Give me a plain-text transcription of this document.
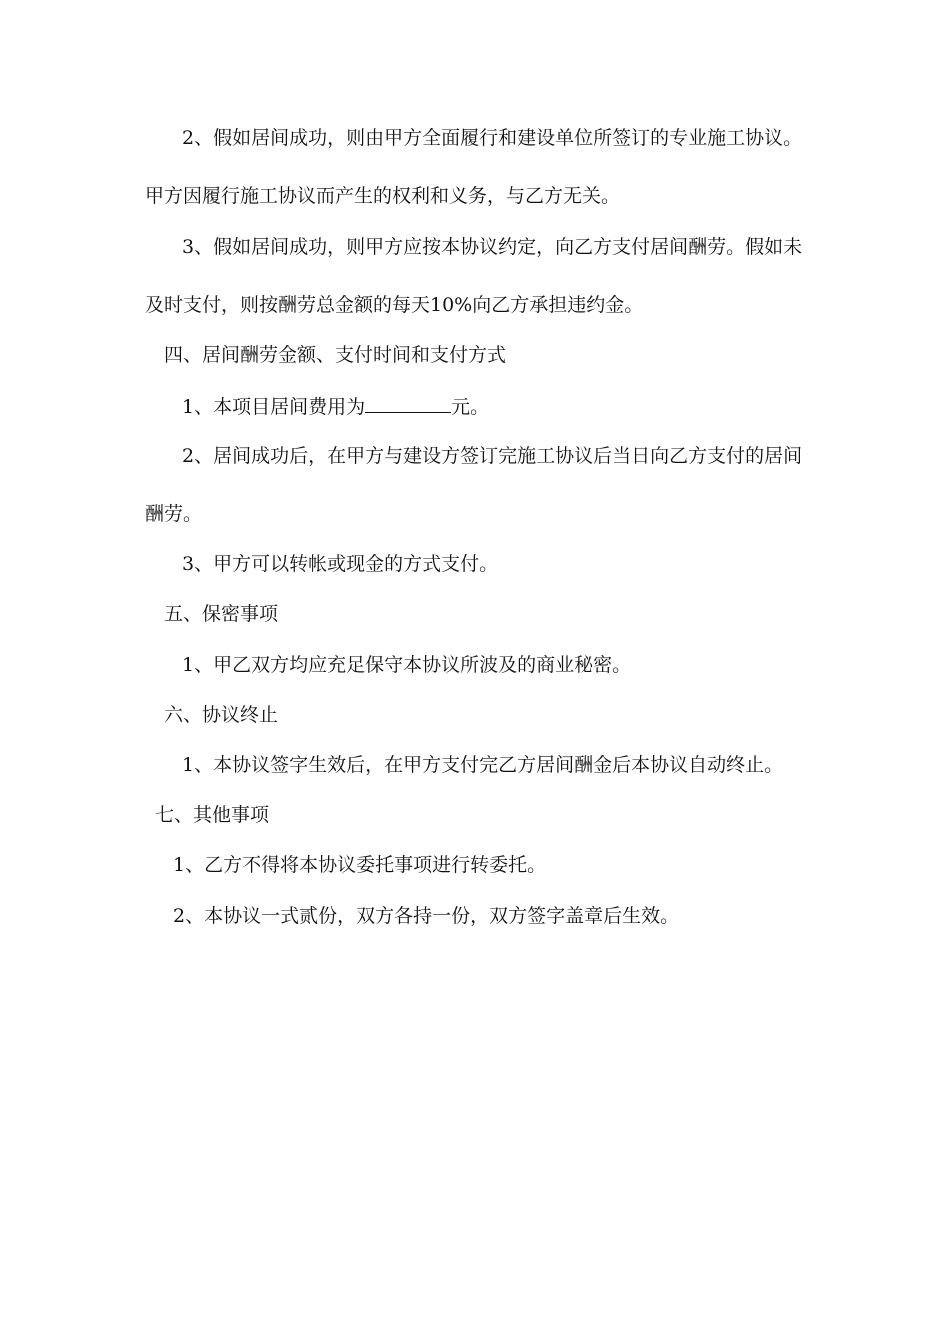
2、假如居间成功，则由甲方全面履行和建设单位所签订的专业施工协议。
甲方因履行施工协议而产生的权利和义务，与乙方无关。
3、假如居间成功，则甲方应按本协议约定，向乙方支付居间酬劳。假如未
及时支付，则按酬劳总金额的每天10%向乙方承担违约金。
四、居间酬劳金额、支付时间和支付方式
1、本项目居间费用为	元。
2、居间成功后，在甲方与建设方签订完施工协议后当日向乙方支付的居间
酬劳。
3、甲方可以转帐或现金的方式支付。
五、保密事项
1、甲乙双方均应充足保守本协议所波及的商业秘密。
六、协议终止
1、本协议签字生效后，在甲方支付完乙方居间酬金后本协议自动终止。
七、其他事项
1、乙方不得将本协议委托事项进行转委托。
2、本协议一式贰份，双方各持一份，双方签字盖章后生效。
